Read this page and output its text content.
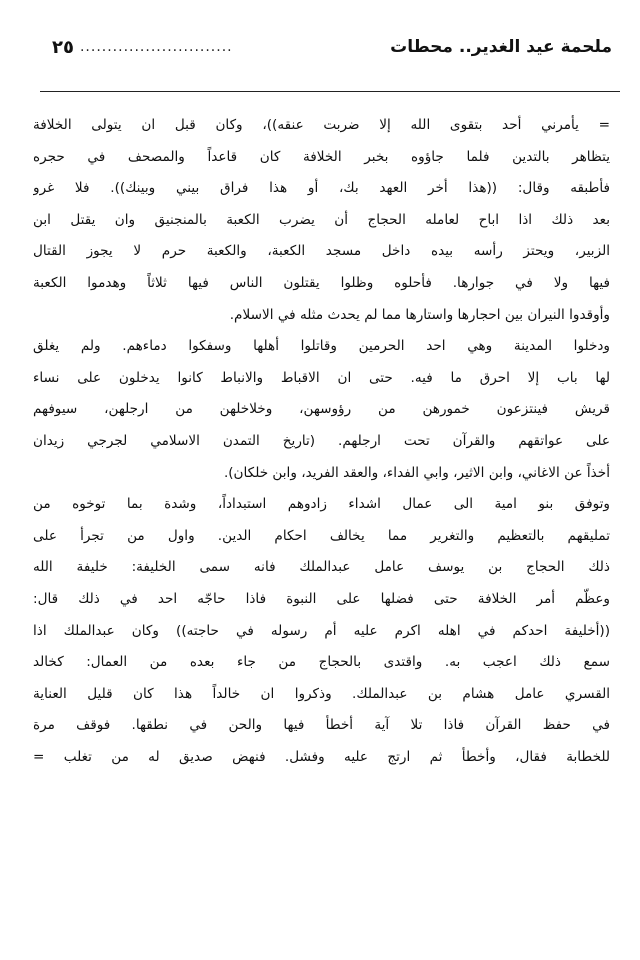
ملحمة عيد الغدير.. محطات
............................
٢٥
= يأمرني أحد بتقوى الله إلا ضربت عنقه))، وكان قبل ان يتولى الخلافة
يتظاهر بالتدين فلما جاؤوه بخبر الخلافة كان قاعداً والمصحف في حجره
فأطبقه وقال: ((هذا أخر العهد بك، أو هذا فراق بيني وبينك)). فلا غرو
بعد ذلك اذا اباح لعامله الحجاج أن يضرب الكعبة بالمنجنيق وان يقتل ابن
الزبير، ويحتز رأسه بيده داخل مسجد الكعبة، والكعبة حرم لا يجوز القتال
فيها ولا في جوارها. فأحلوه وظلوا يقتلون الناس فيها ثلاثاً وهدموا الكعبة
وأوقدوا النيران بين احجارها واستارها مما لم يحدث مثله في الاسلام.
ودخلوا المدينة وهي احد الحرمين وقاتلوا أهلها وسفكوا دماءهم. ولم يغلق
لها باب إلا احرق ما فيه. حتى ان الاقباط والانباط كانوا يدخلون على نساء
قريش فينتزعون خمورهن من رؤوسهن، وخلاخلهن من ارجلهن، سيوفهم
على عواتقهم والقرآن تحت ارجلهم. (تاريخ التمدن الاسلامي لجرجي زيدان
أخذاً عن الاغاني، وابن الاثير، وابي الفداء، والعقد الفريد، وابن خلكان).
وتوفق بنو امية الى عمال اشداء زادوهم استبداداً، وشدة بما توخوه من
تمليقهم بالتعظيم والتغرير مما يخالف احكام الدين. واول من تجرأ على
ذلك الحجاج بن يوسف عامل عبدالملك فانه سمى الخليفة: خليفة الله
وعظّم أمر الخلافة حتى فضلها على النبوة فاذا حاجّه احد في ذلك قال:
((أخليفة احدكم في اهله اكرم عليه أم رسوله في حاجته)) وكان عبدالملك اذا
سمع ذلك اعجب به. واقتدى بالحجاج من جاء بعده من العمال: كخالد
القسري عامل هشام بن عبدالملك. وذكروا ان خالداً هذا كان قليل العناية
في حفظ القرآن فاذا تلا آية أخطأ فيها والحن في نطقها. فوقف مرة
للخطابة فقال، وأخطأ ثم ارتج عليه وفشل. فنهض صديق له من تغلب =
